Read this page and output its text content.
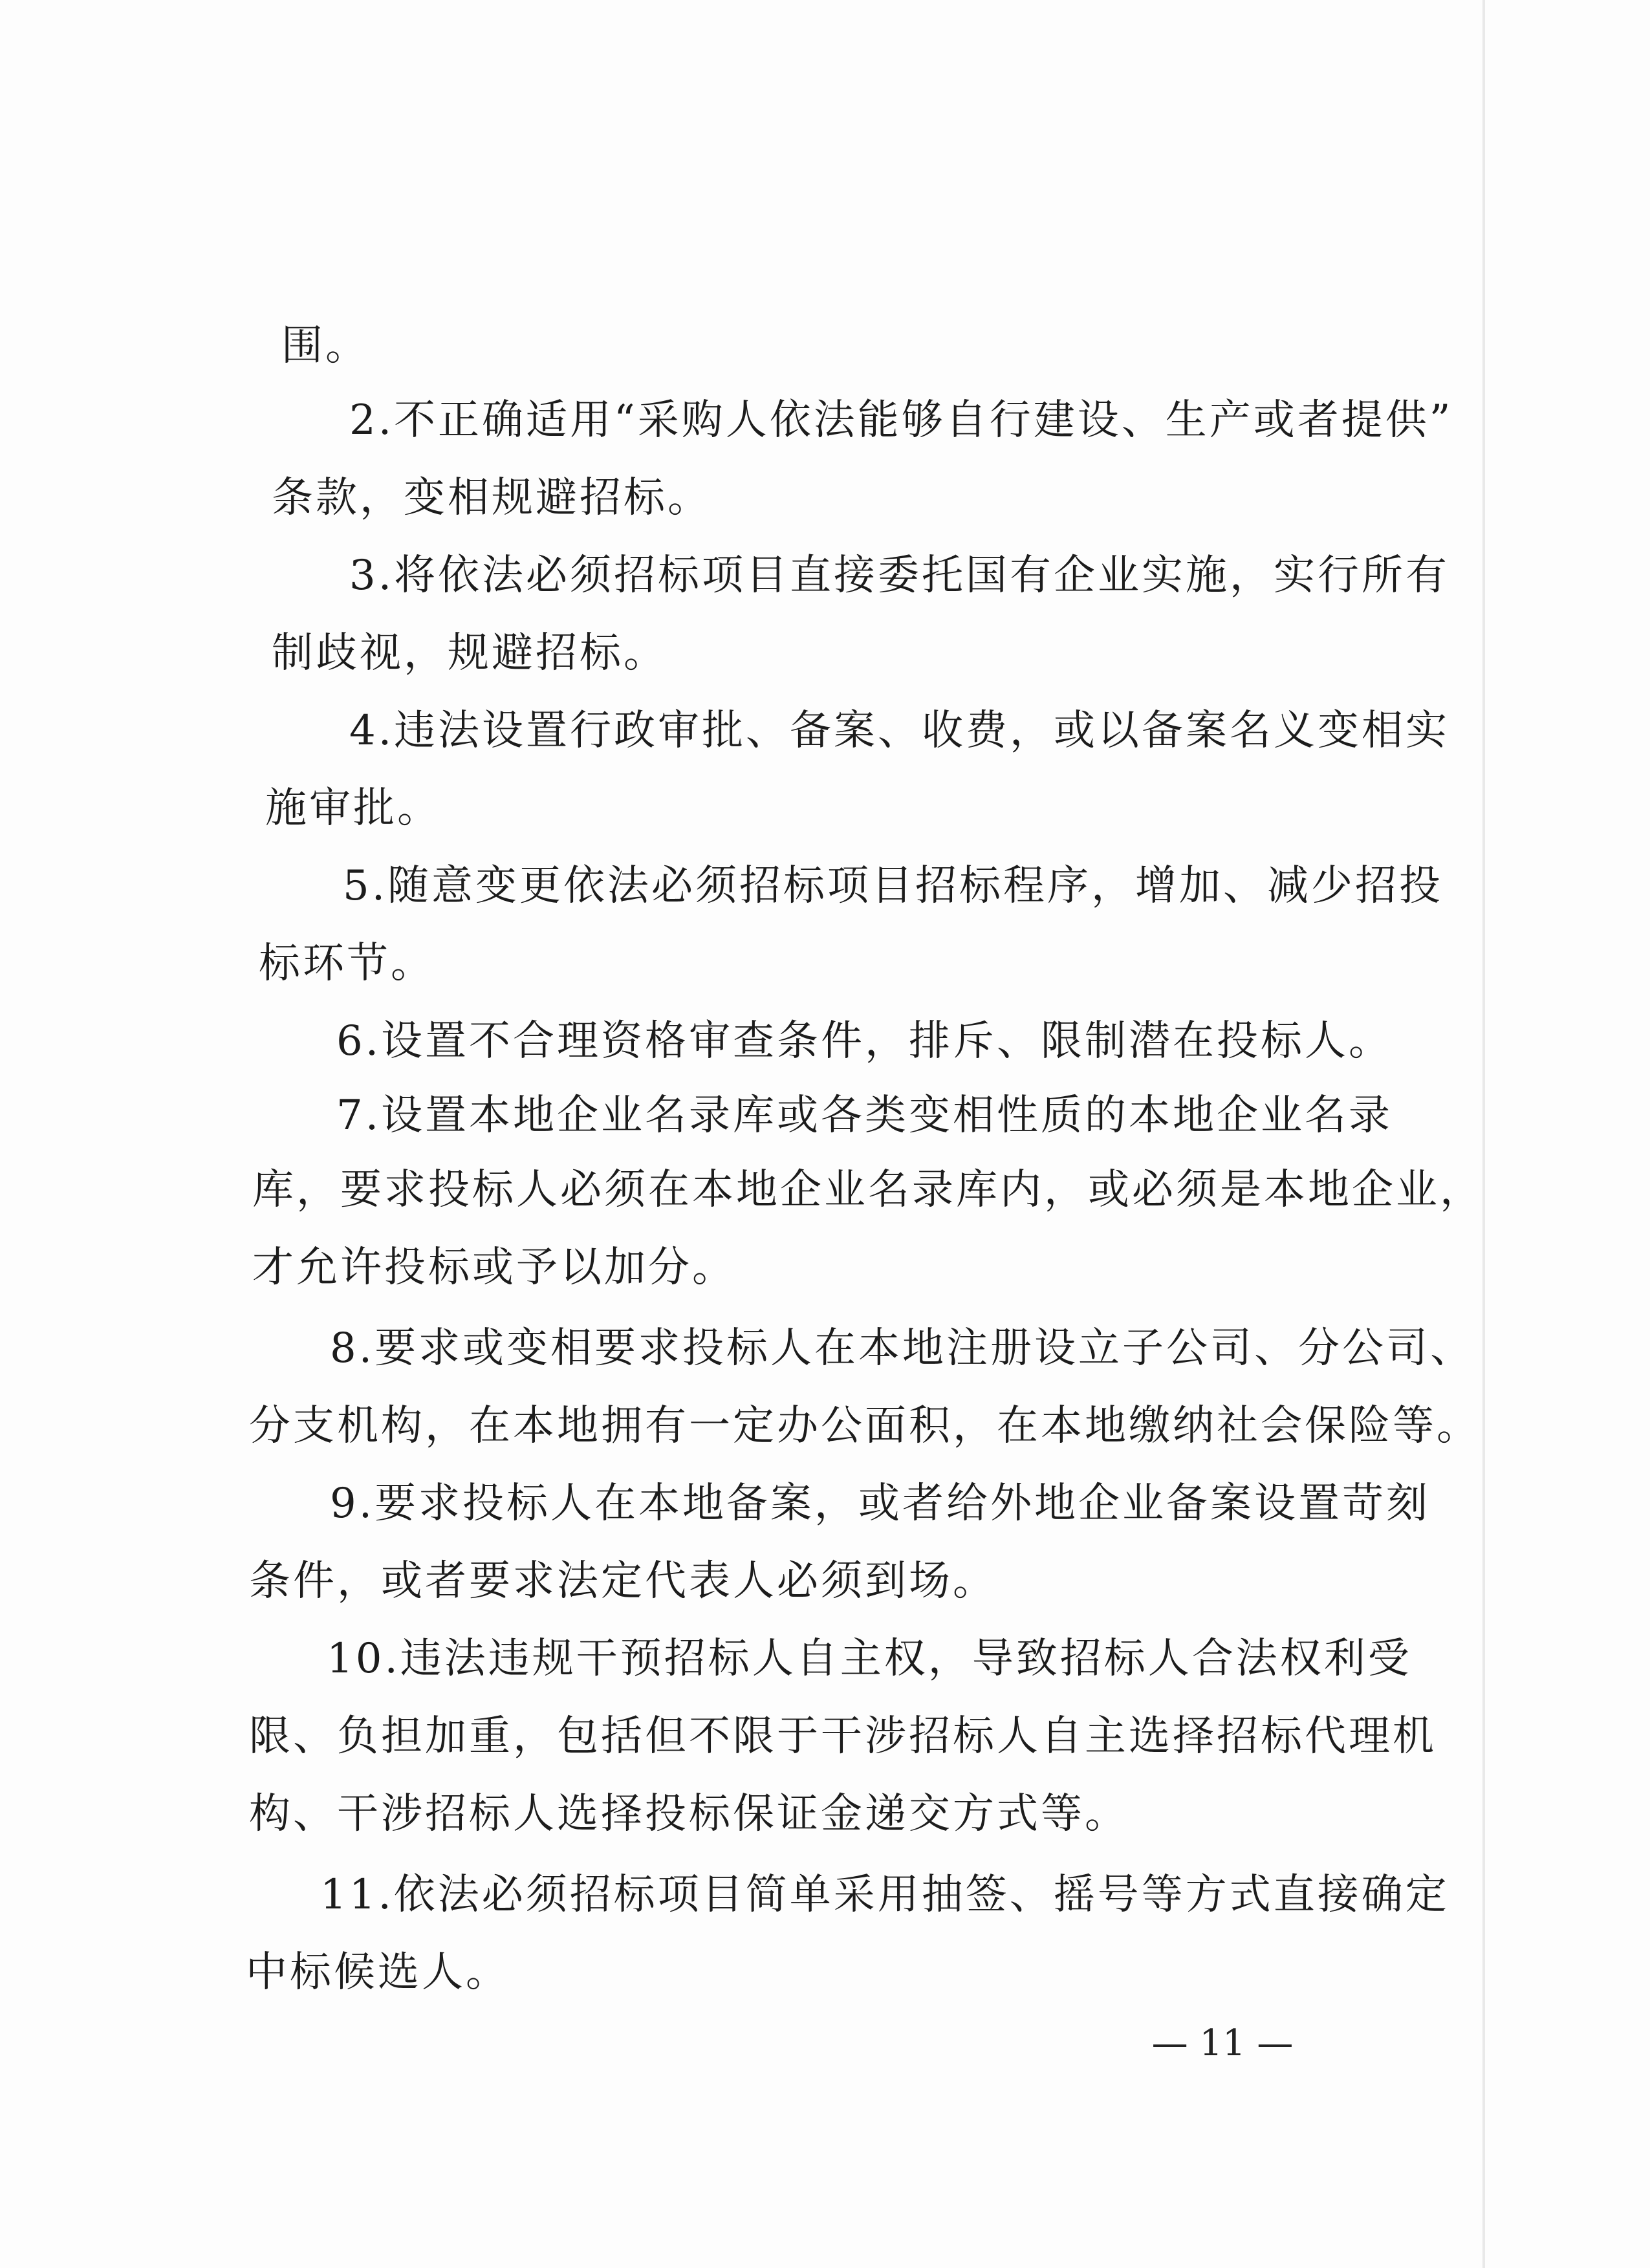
围。
2.不正确适用“采购人依法能够自行建设、生产或者提供”
条款，变相规避招标。
3.将依法必须招标项目直接委托国有企业实施，实行所有
制歧视，规避招标。
4.违法设置行政审批、备案、收费，或以备案名义变相实
施审批。
5.随意变更依法必须招标项目招标程序，增加、减少招投
标环节。
6.设置不合理资格审查条件，排斥、限制潜在投标人。
7.设置本地企业名录库或各类变相性质的本地企业名录
库，要求投标人必须在本地企业名录库内，或必须是本地企业，
才允许投标或予以加分。
8.要求或变相要求投标人在本地注册设立子公司、分公司、
分支机构，在本地拥有一定办公面积，在本地缴纳社会保险等。
9.要求投标人在本地备案，或者给外地企业备案设置苛刻
条件，或者要求法定代表人必须到场。
10.违法违规干预招标人自主权，导致招标人合法权利受
限、负担加重，包括但不限于干涉招标人自主选择招标代理机
构、干涉招标人选择投标保证金递交方式等。
11.依法必须招标项目简单采用抽签、摇号等方式直接确定
中标候选人。
— 11 —
